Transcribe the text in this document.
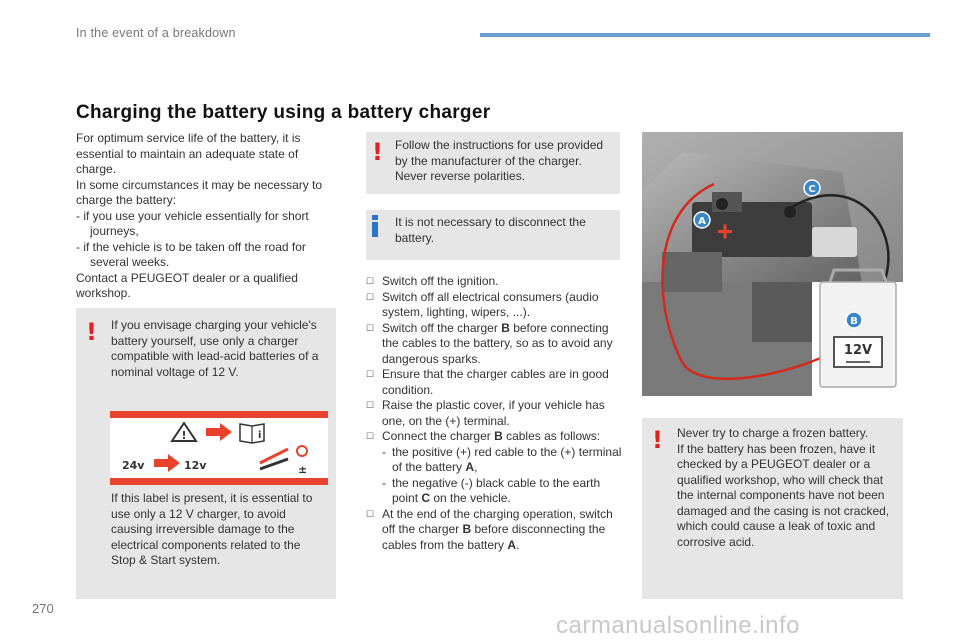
In the event of a breakdown
Charging the battery using a battery charger

For optimum service life of the battery, it is essential to maintain an adequate state of charge.

In some circumstances it may be necessary to charge the battery:

- if you use your vehicle essentially for short journeys,

- if the vehicle is to be taken off the road for several weeks.

Contact a PEUGEOT dealer or a qualified workshop.

! If you envisage charging your vehicle's battery yourself, use only a charger compatible with lead-acid batteries of a nominal voltage of 12 V.
!	i
24v	12v	±
If this label is present, it is essential to use only a 12 V charger, to avoid causing irreversible damage to the electrical components related to the Stop & Start system.
! Follow the instructions for use provided by the manufacturer of the charger. Never reverse polarities.
It is not necessary to disconnect the battery.
☐ Switch off the ignition.
☐ Switch off all electrical consumers (audio system, lighting, wipers, ...).
☐ Switch off the charger B before connecting the cables to the battery, so as to avoid any dangerous sparks.
☐ Ensure that the charger cables are in good condition.
☐ Raise the plastic cover, if your vehicle has one, on the (+) terminal.
☐ Connect the charger B cables as follows:
- the positive (+) red cable to the (+) terminal of the battery A,
- the negative (-) black cable to the earth point C on the vehicle.
☐ At the end of the charging operation, switch off the charger B before disconnecting the cables from the battery A.
12V
A
C
B
! Never try to charge a frozen battery.

If the battery has been frozen, have it checked by a PEUGEOT dealer or a qualified workshop, who will check that the internal components have not been damaged and the casing is not cracked, which could cause a leak of toxic and corrosive acid.

270
carmanualsonline.info
